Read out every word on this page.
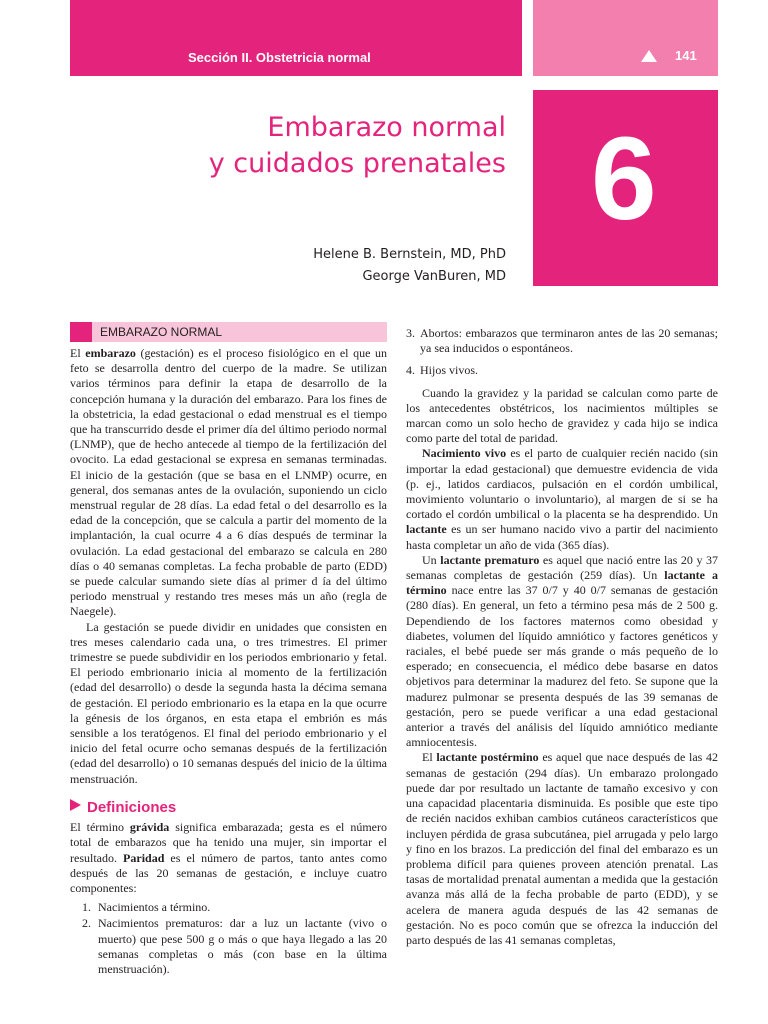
Sección II. Obstetricia normal	141
6
Embarazo normal
y cuidados prenatales
Helene B. Bernstein, MD, PhD
George VanBuren, MD
EMBARAZO NORMAL

El embarazo (gestación) es el proceso fisiológico en el que un feto se desarrolla dentro del cuerpo de la madre. Se utilizan varios términos para definir la etapa de desarrollo de la concepción humana y la duración del embarazo. Para los fines de la obstetricia, la edad gestacional o edad menstrual es el tiempo que ha transcurrido desde el primer día del último periodo normal (LNMP), que de hecho antecede al tiempo de la fertilización del ovocito. La edad gestacional se expresa en semanas terminadas. El inicio de la gestación (que se basa en el LNMP) ocurre, en general, dos semanas antes de la ovulación, suponiendo un ciclo menstrual regular de 28 días. La edad fetal o del desarrollo es la edad de la concepción, que se calcula a partir del momento de la implantación, la cual ocurre 4 a 6 días después de terminar la ovulación. La edad gestacional del embarazo se calcula en 280 días o 40 semanas completas. La fecha probable de parto (EDD) se puede calcular sumando siete días al primer d ía del último periodo menstrual y restando tres meses más un año (regla de Naegele).

La gestación se puede dividir en unidades que consisten en tres meses calendario cada una, o tres trimestres. El primer trimestre se puede subdividir en los periodos embrionario y fetal. El periodo embrionario inicia al momento de la fertilización (edad del desarrollo) o desde la segunda hasta la décima semana de gestación. El periodo embrionario es la etapa en la que ocurre la génesis de los órganos, en esta etapa el embrión es más sensible a los teratógenos. El final del periodo embrionario y el inicio del fetal ocurre ocho semanas después de la fertilización (edad del desarrollo) o 10 semanas después del inicio de la última menstruación.

Definiciones

El término grávida significa embarazada; gesta es el número total de embarazos que ha tenido una mujer, sin importar el resultado. Paridad es el número de partos, tanto antes como después de las 20 semanas de gestación, e incluye cuatro componentes:

1. Nacimientos a término.
2. Nacimientos prematuros: dar a luz un lactante (vivo o muerto) que pese 500 g o más o que haya llegado a las 20 semanas completas o más (con base en la última menstruación).
3. Abortos: embarazos que terminaron antes de las 20 semanas; ya sea inducidos o espontáneos.
4. Hijos vivos.

Cuando la gravidez y la paridad se calculan como parte de los antecedentes obstétricos, los nacimientos múltiples se marcan como un solo hecho de gravidez y cada hijo se indica como parte del total de paridad.

Nacimiento vivo es el parto de cualquier recién nacido (sin importar la edad gestacional) que demuestre evidencia de vida (p. ej., latidos cardiacos, pulsación en el cordón umbilical, movimiento voluntario o involuntario), al margen de si se ha cortado el cordón umbilical o la placenta se ha desprendido. Un lactante es un ser humano nacido vivo a partir del nacimiento hasta completar un año de vida (365 días).

Un lactante prematuro es aquel que nació entre las 20 y 37 semanas completas de gestación (259 días). Un lactante a término nace entre las 37 0/7 y 40 0/7 semanas de gestación (280 días). En general, un feto a término pesa más de 2 500 g. Dependiendo de los factores maternos como obesidad y diabetes, volumen del líquido amniótico y factores genéticos y raciales, el bebé puede ser más grande o más pequeño de lo esperado; en consecuencia, el médico debe basarse en datos objetivos para determinar la madurez del feto. Se supone que la madurez pulmonar se presenta después de las 39 semanas de gestación, pero se puede verificar a una edad gestacional anterior a través del análisis del líquido amniótico mediante amniocentesis.

El lactante postérmino es aquel que nace después de las 42 semanas de gestación (294 días). Un embarazo prolongado puede dar por resultado un lactante de tamaño excesivo y con una capacidad placentaria disminuida. Es posible que este tipo de recién nacidos exhiban cambios cutáneos característicos que incluyen pérdida de grasa subcutánea, piel arrugada y pelo largo y fino en los brazos. La predicción del final del embarazo es un problema difícil para quienes proveen atención prenatal. Las tasas de mortalidad prenatal aumentan a medida que la gestación avanza más allá de la fecha probable de parto (EDD), y se acelera de manera aguda después de las 42 semanas de gestación. No es poco común que se ofrezca la inducción del parto después de las 41 semanas completas,
